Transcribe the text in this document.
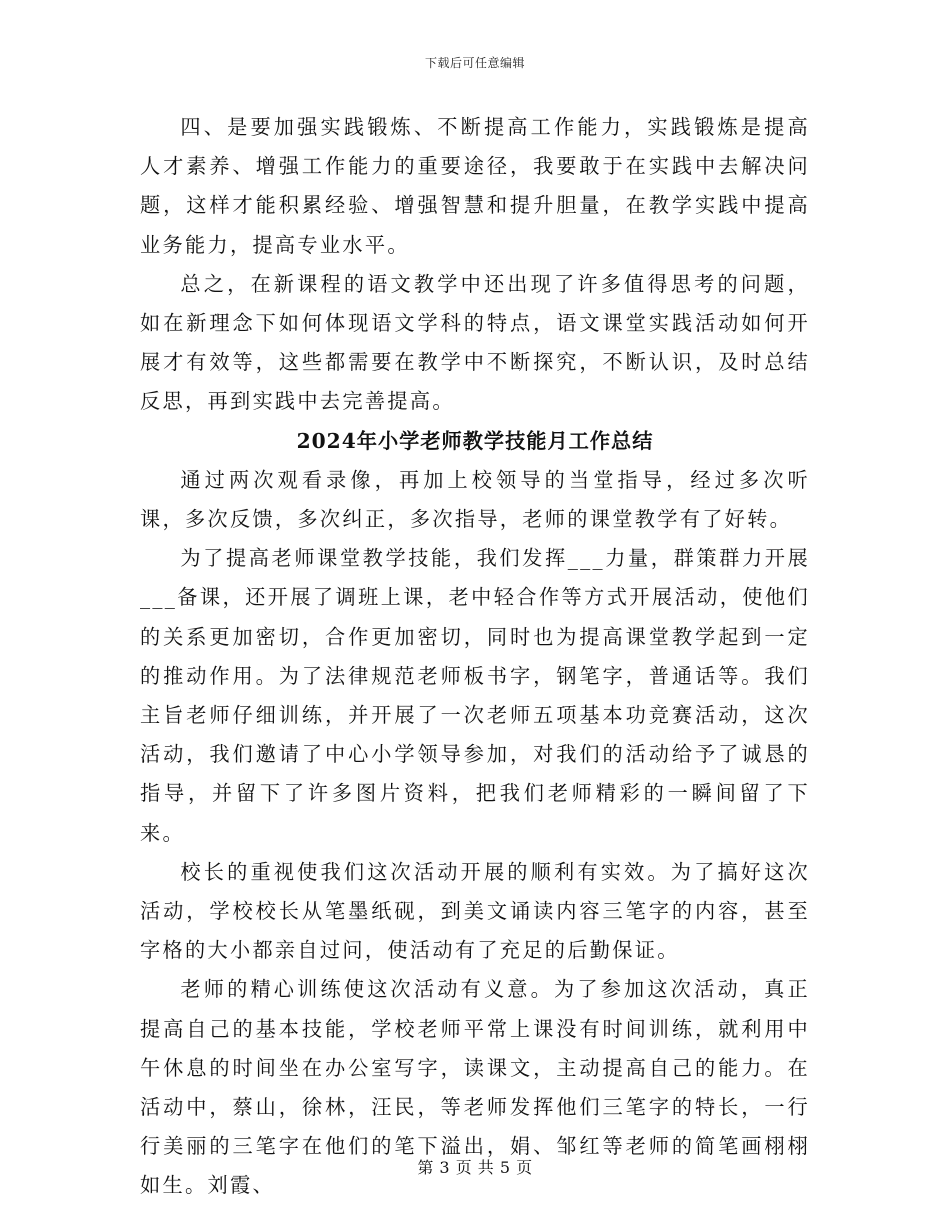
下载后可任意编辑

四、是要加强实践锻炼、不断提高工作能力，实践锻炼是提高人才素养、增强工作能力的重要途径，我要敢于在实践中去解决问题，这样才能积累经验、增强智慧和提升胆量，在教学实践中提高业务能力，提高专业水平。

总之，在新课程的语文教学中还出现了许多值得思考的问题，如在新理念下如何体现语文学科的特点，语文课堂实践活动如何开展才有效等，这些都需要在教学中不断探究，不断认识，及时总结反思，再到实践中去完善提高。

2024年小学老师教学技能月工作总结

通过两次观看录像，再加上校领导的当堂指导，经过多次听课，多次反馈，多次纠正，多次指导，老师的课堂教学有了好转。

为了提高老师课堂教学技能，我们发挥___力量，群策群力开展___备课，还开展了调班上课，老中轻合作等方式开展活动，使他们的关系更加密切，合作更加密切，同时也为提高课堂教学起到一定的推动作用。为了法律规范老师板书字，钢笔字，普通话等。我们主旨老师仔细训练，并开展了一次老师五项基本功竞赛活动，这次活动，我们邀请了中心小学领导参加，对我们的活动给予了诚恳的指导，并留下了许多图片资料，把我们老师精彩的一瞬间留了下来。

校长的重视使我们这次活动开展的顺利有实效。为了搞好这次活动，学校校长从笔墨纸砚，到美文诵读内容三笔字的内容，甚至字格的大小都亲自过问，使活动有了充足的后勤保证。

老师的精心训练使这次活动有义意。为了参加这次活动，真正提高自己的基本技能，学校老师平常上课没有时间训练，就利用中午休息的时间坐在办公室写字，读课文，主动提高自己的能力。在活动中，蔡山，徐林，汪民，等老师发挥他们三笔字的特长，一行行美丽的三笔字在他们的笔下溢出，娟、邹红等老师的简笔画栩栩如生。刘霞、

第 3 页 共 5 页
